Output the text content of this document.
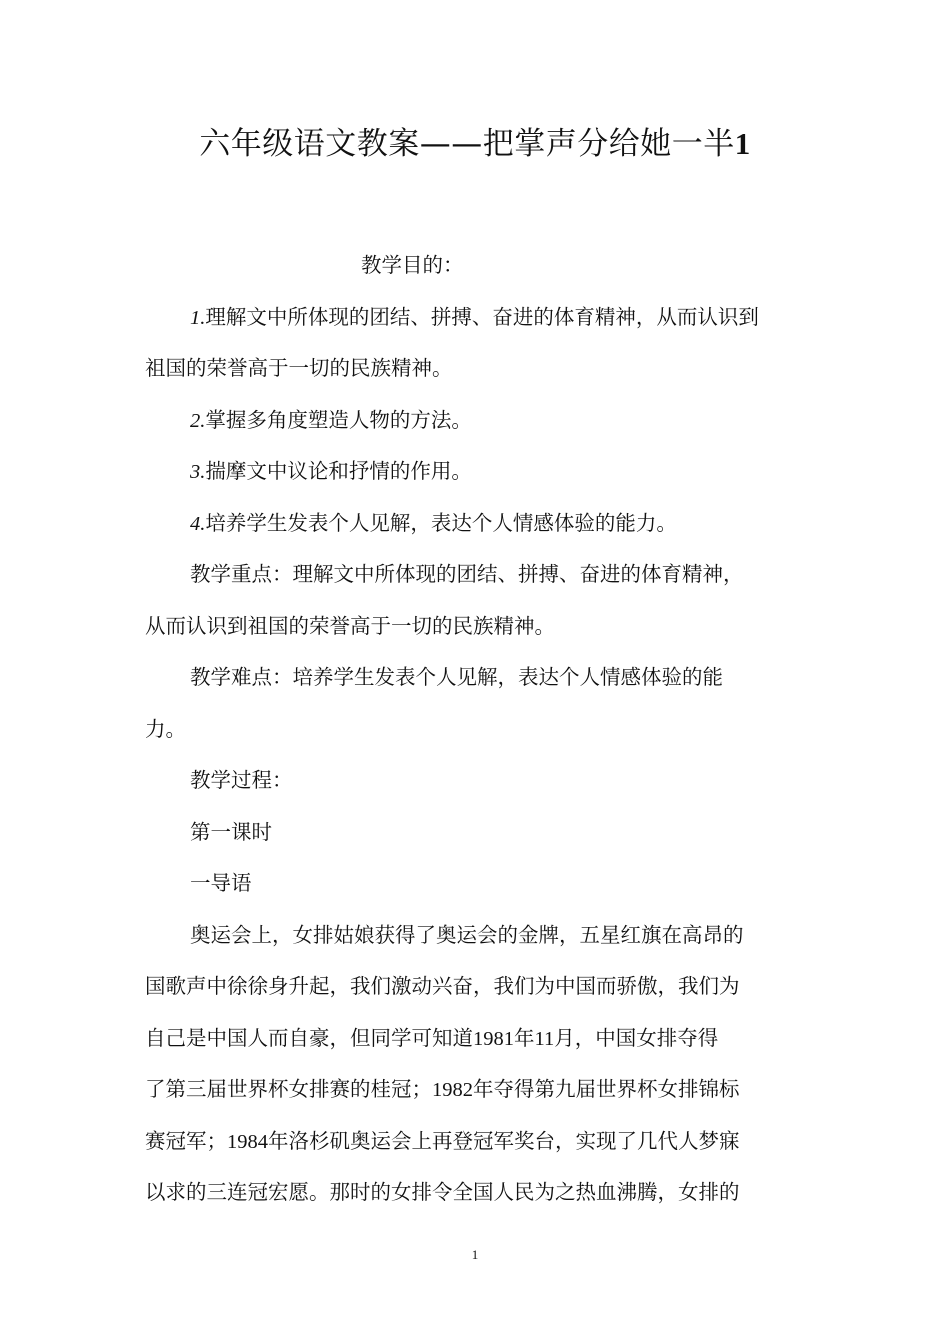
六年级语文教案——把掌声分给她一半1
教学目的：
1.理解文中所体现的团结、拼搏、奋进的体育精神，从而认识到
祖国的荣誉高于一切的民族精神。
2.掌握多角度塑造人物的方法。
3.揣摩文中议论和抒情的作用。
4.培养学生发表个人见解，表达个人情感体验的能力。
教学重点：理解文中所体现的团结、拼搏、奋进的体育精神，
从而认识到祖国的荣誉高于一切的民族精神。
教学难点：培养学生发表个人见解，表达个人情感体验的能
力。
教学过程：
第一课时
一导语
奥运会上，女排姑娘获得了奥运会的金牌，五星红旗在高昂的
国歌声中徐徐身升起，我们激动兴奋，我们为中国而骄傲，我们为
自己是中国人而自豪，但同学可知道1981年11月，中国女排夺得
了第三届世界杯女排赛的桂冠；1982年夺得第九届世界杯女排锦标
赛冠军；1984年洛杉矶奥运会上再登冠军奖台，实现了几代人梦寐
以求的三连冠宏愿。那时的女排令全国人民为之热血沸腾，女排的
1
